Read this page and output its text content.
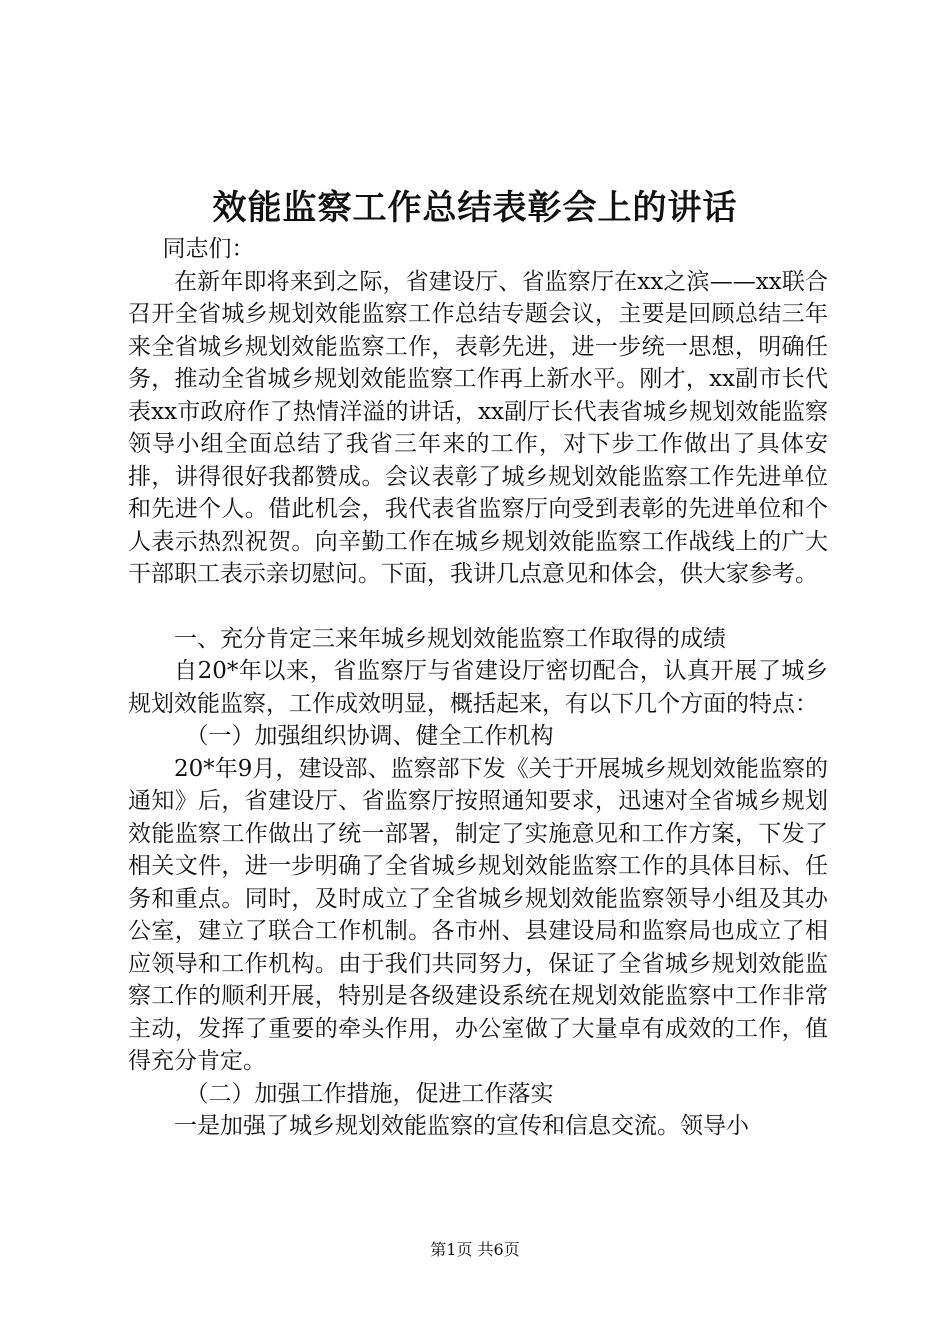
效能监察工作总结表彰会上的讲话

同志们：

在新年即将来到之际，省建设厅、省监察厅在xx之滨——xx联合召开全省城乡规划效能监察工作总结专题会议，主要是回顾总结三年来全省城乡规划效能监察工作，表彰先进，进一步统一思想，明确任务，推动全省城乡规划效能监察工作再上新水平。刚才，xx副市长代表xx市政府作了热情洋溢的讲话，xx副厅长代表省城乡规划效能监察领导小组全面总结了我省三年来的工作，对下步工作做出了具体安排，讲得很好我都赞成。会议表彰了城乡规划效能监察工作先进单位和先进个人。借此机会，我代表省监察厅向受到表彰的先进单位和个人表示热烈祝贺。向辛勤工作在城乡规划效能监察工作战线上的广大干部职工表示亲切慰问。下面，我讲几点意见和体会，供大家参考。

一、充分肯定三来年城乡规划效能监察工作取得的成绩

自20*年以来，省监察厅与省建设厅密切配合，认真开展了城乡规划效能监察，工作成效明显，概括起来，有以下几个方面的特点：

（一）加强组织协调、健全工作机构

20*年9月，建设部、监察部下发《关于开展城乡规划效能监察的通知》后，省建设厅、省监察厅按照通知要求，迅速对全省城乡规划效能监察工作做出了统一部署，制定了实施意见和工作方案，下发了相关文件，进一步明确了全省城乡规划效能监察工作的具体目标、任务和重点。同时，及时成立了全省城乡规划效能监察领导小组及其办公室，建立了联合工作机制。各市州、县建设局和监察局也成立了相应领导和工作机构。由于我们共同努力，保证了全省城乡规划效能监察工作的顺利开展，特别是各级建设系统在规划效能监察中工作非常主动，发挥了重要的牵头作用，办公室做了大量卓有成效的工作，值得充分肯定。

（二）加强工作措施，促进工作落实

一是加强了城乡规划效能监察的宣传和信息交流。领导小

第1页 共6页
